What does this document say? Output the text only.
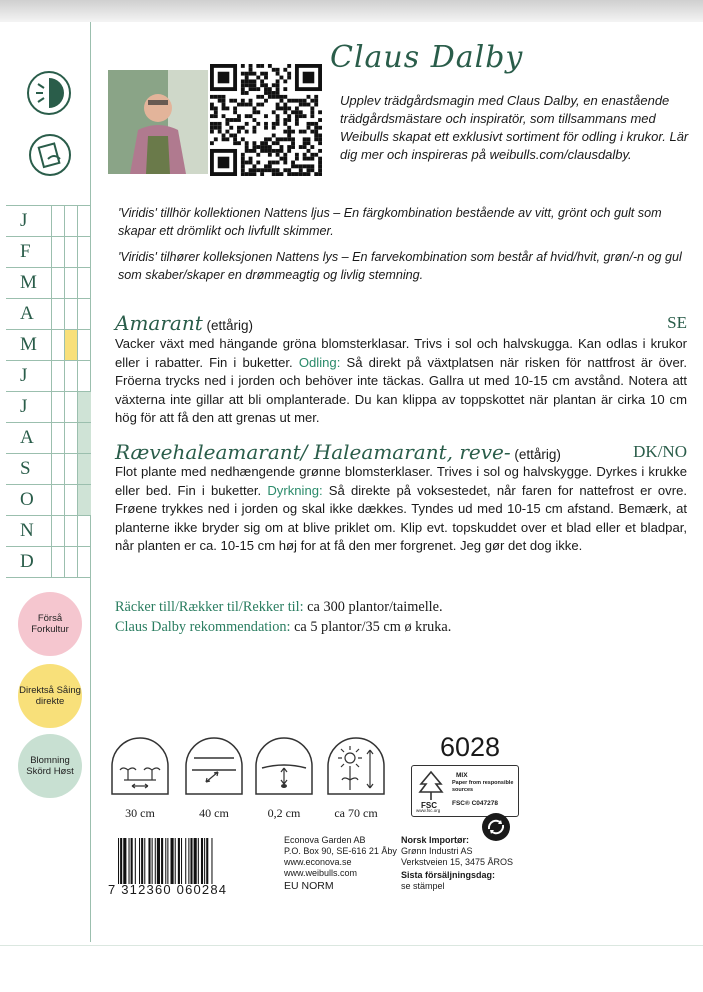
J
F
M
A
M
J
J
A
S
O
N
D
Förså Forkultur
Direktså Såing direkte
Blomning Skörd Høst
Claus Dalby
Upplev trädgårdsmagin med Claus Dalby, en enastående trädgårdsmästare och inspiratör, som tillsammans med Weibulls skapat ett exklusivt sortiment för odling i krukor. Lär dig mer och inspireras på weibulls.com/clausdalby.
'Viridis' tillhör kollektionen Nattens ljus – En färgkombination bestående av vitt, grönt och gult som skapar ett drömlikt och livfullt skimmer.
'Viridis' tilhører kolleksjonen Nattens lys – En farvekombination som består af hvid/hvit, grøn/-n og gul som skaber/skaper en drømmeagtig og livlig stemning.
Amarant (ettårig)	SE
Vacker växt med hängande gröna blomsterklasar. Trivs i sol och halvskugga. Kan odlas i krukor eller i rabatter. Fin i buketter. Odling: Så direkt på växtplatsen när risken för nattfrost är över. Fröerna trycks ned i jorden och behöver inte täckas. Gallra ut med 10-15 cm avstånd. Notera att växterna inte gillar att bli omplanterade. Du kan klippa av toppskottet när plantan är cirka 10 cm hög för att få den att grenas ut mer.
Rævehaleamarant/ Haleamarant, reve- (ettårig)	DK/NO
Flot plante med nedhængende grønne blomsterklaser. Trives i sol og halvskygge. Dyrkes i krukke eller bed. Fin i buketter. Dyrkning: Så direkte på voksestedet, når faren for nattefrost er ovre. Frøene trykkes ned i jorden og skal ikke dækkes. Tyndes ud med 10-15 cm afstand. Bemærk, at planterne ikke bryder sig om at blive priklet om. Klip evt. topskuddet over et blad eller et bladpar, når planten er ca. 10-15 cm høj for at få den mer forgrenet. Jeg gør det dog ikke.
Räcker till/Rækker til/Rekker til: ca 300 plantor/taimelle.
Claus Dalby rekommendation: ca 5 plantor/35 cm ø kruka.
30 cm	40 cm	0,2 cm	ca 70 cm
6028
FSC
www.fsc.org
MIX
Paper from responsible sources
FSC® C047278
7 312360 060284
Econova Garden AB
P.O. Box 90, SE-616 21 Åby
www.econova.se
www.weibulls.com
EU NORM
Norsk Importør:
Grønn Industri AS
Verkstveien 15, 3475 ÅROS
Sista försäljningsdag:
se stämpel
